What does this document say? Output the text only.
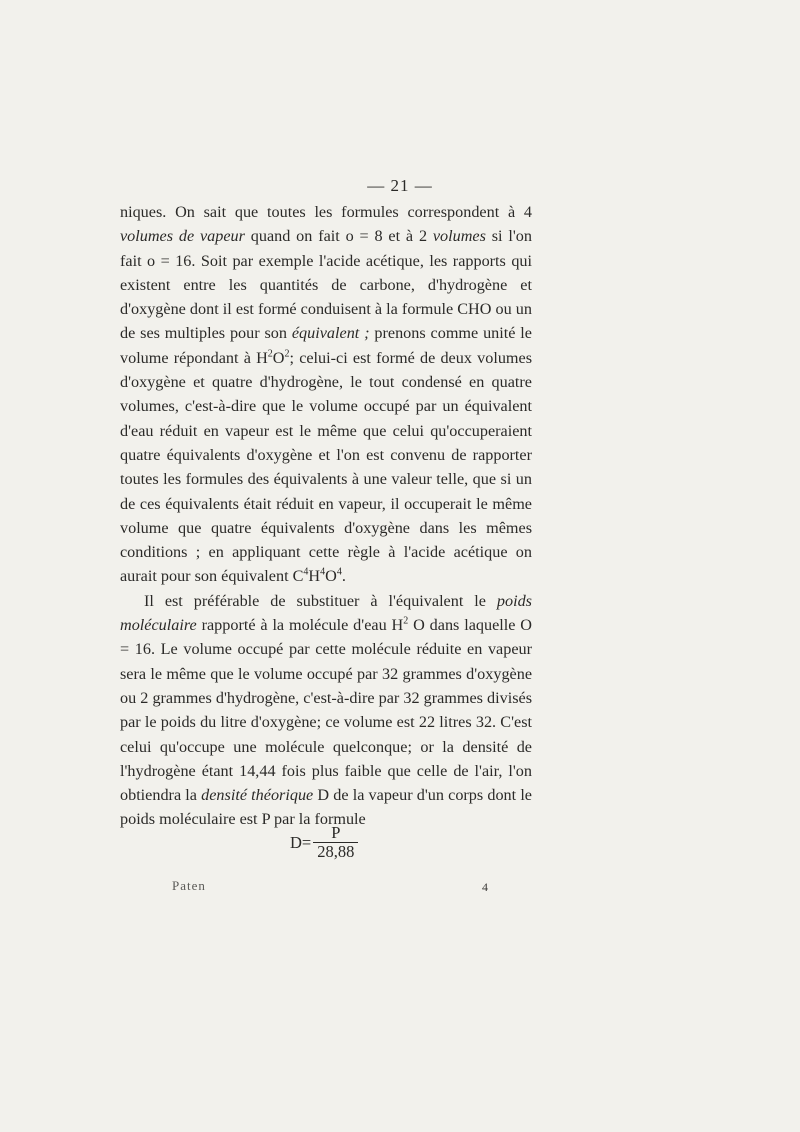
— 21 —

niques. On sait que toutes les formules correspondent à 4 volumes de vapeur quand on fait o = 8 et à 2 volumes si l'on fait o = 16. Soit par exemple l'acide acétique, les rapports qui existent entre les quantités de carbone, d'hydrogène et d'oxygène dont il est formé conduisent à la formule CHO ou un de ses multiples pour son équivalent ; prenons comme unité le volume répondant à $H^2O^2$; celui-ci est formé de deux volumes d'oxygène et quatre d'hydrogène, le tout condensé en quatre volumes, c'est-à-dire que le volume occupé par un équivalent d'eau réduit en vapeur est le même que celui qu'occuperaient quatre équivalents d'oxygène et l'on est convenu de rapporter toutes les formules des équivalents à une valeur telle, que si un de ces équivalents était réduit en vapeur, il occuperait le même volume que quatre équivalents d'oxygène dans les mêmes conditions ; en appliquant cette règle à l'acide acétique on aurait pour son équivalent $C^4H^4O^4$.

Il est préférable de substituer à l'équivalent le poids moléculaire rapporté à la molécule d'eau $H^2$ O dans laquelle O = 16. Le volume occupé par cette molécule réduite en vapeur sera le même que le volume occupé par 32 grammes d'oxygène ou 2 grammes d'hydrogène, c'est-à-dire par 32 grammes divisés par le poids du litre d'oxygène; ce volume est 22 litres 32. C'est celui qu'occupe une molécule quelconque; or la densité de l'hydrogène étant 14,44 fois plus faible que celle de l'air, l'on obtiendra la densité théorique D de la vapeur d'un corps dont le poids moléculaire est P par la formule

$D= \frac{P}{28,88}$
Paten	4
